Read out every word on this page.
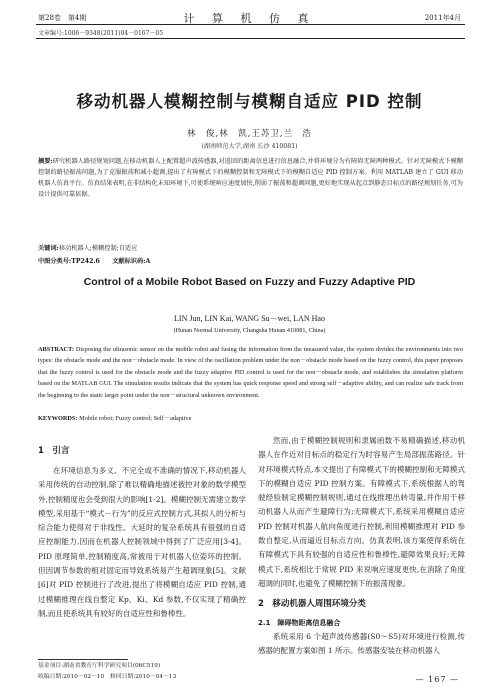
第28卷　第4期	计 算 机 仿 真	2011年4月
文章编号:1006－9348(2011)04－0167－05
移动机器人模糊控制与模糊自适应 PID 控制
林　俊,林　凯,王苏卫,兰　浩
(湖南师范大学,湖南 长沙 410081)
摘要:研究机器人路径规划问题,在移动机器人上配置超声波传感器,对返回的距离信息进行信息融合,并将环境分为有障碍无障两种模式。针对无障模式下模糊控制的路径振荡问题,为了克服振荡和减小超调,提出了有障模式下的模糊控制和无障模式下的模糊自适应 PID 控制方案。利用 MATLAB 建立了 GUI 移动机器人仿真平台。仿真结果表明,在非结构化未知环境下,可使系统响应速度加快,削弱了振荡和超调问题,更好地实现从起点到静态目标点的路径规划任务,可为设计提供可靠依据。
关键词:移动机器人;模糊控制;自适应
中图分类号:TP242.6　　文献标识码:A
Control of a Mobile Robot Based on Fuzzy and Fuzzy Adaptive PID
LIN Jun, LIN Kai, WANG Su－wei, LAN Hao
(Hunan Normal University, Changsha Hunan 410081, China)
ABSTRACT: Disposing the ultrasonic sensor on the mobile robot and fusing the information from the measured value, the system divides the environments into two types: the obstacle mode and the non－obstacle mode. In view of the oscillation problem under the non－obstacle mode based on the fuzzy control, this paper proposes that the fuzzy control is used for the obstacle mode and the fuzzy adaptive PID control is used for the non－obstacle mode, and establishes the simulation platform based on the MATLAB GUI. The simulation results indicate that the system has quick response speed and strong self－adaptive ability, and can realize safe track from the beginning to the static target point under the non－structural unknown environment.
KEYWORDS: Mobile robot; Fuzzy control; Self－adaptive
1　引言

在环境信息为多义、不完全或不准确的情况下,移动机器人采用传统的自动控制,除了难以精确地描述被控对象的数学模型外,控制精度也会受到很大的影响[1-2]。模糊控制无需建立数学模型,采用基于“模式－行为”的反应式控制方式,其拟人的分析与综合能力使得对于非线性、大延时的复杂系统具有很强的自适应控制能力,因而在机器人控制领域中得到了广泛应用[3-4]。PID 原理简单,控制精度高,常被用于对机器人位姿环的控制。但因调节参数的相对固定而导致系统易产生超调现象[5]。文献[6]对 PID 控制进行了改进,提出了将模糊自适应 PID 控制,通过模糊推理在线自整定 Kp、Ki、Kd 参数,不仅实现了精确控制,而且使系统具有较好的自适应性和鲁棒性。

然而,由于模糊控制规则和隶属函数不易精确描述,移动机器人在作近对目标点的稳定行为时容易产生局部振荡路径。针对环境模式特点,本文提出了有障模式下的模糊控制和无障模式下的模糊自适应 PID 控制方案。有障模式下,系统根据人的驾驶经验制定模糊控制规则,通过在线推理出转弯量,并作用于移动机器人从而产生避障行为;无障模式下,系统采用模糊自适应 PID 控制对机器人航向角度进行控制,利用模糊推理对 PID 参数自整定,从而逼近目标点方向。仿真表明,该方案使得系统在有障模式下具有较强的自适应性和鲁棒性,避障效果良好;无障模式下,系统相比于常规 PID 来说响应速度更快,在消除了角度超调的同时,也避免了模糊控制下的振荡现象。

2　移动机器人周围环境分类
2.1　障碍物距离信息融合

系统采用 6 个超声波传感器(S0～S5)对环境进行检测,传感器的配置方案如图 1 所示。传感器安装在移动机器人

基金项目:湖南省教育厅科学研究项目(06C519)
收稿日期:2010－02－10　修回日期:2010－04－13	— 167 —
